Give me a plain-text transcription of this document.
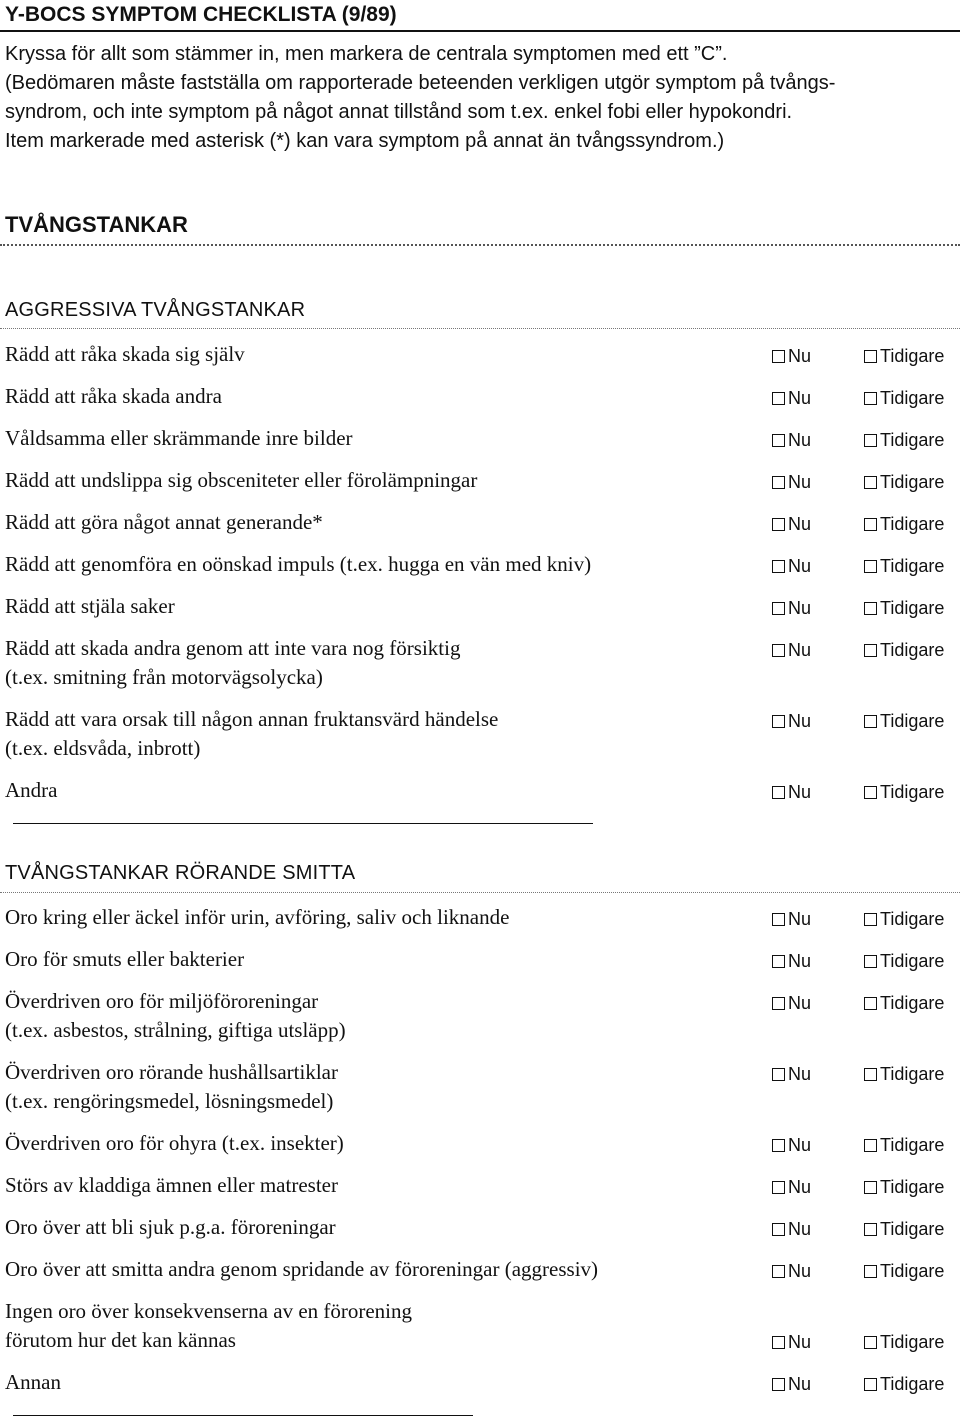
Y-BOCS SYMPTOM CHECKLISTA (9/89)
Kryssa för allt som stämmer in, men markera de centrala symptomen med ett ”C”.
(Bedömaren måste fastställa om rapporterade beteenden verkligen utgör symptom på tvångs-
syndrom, och inte symptom på något annat tillstånd som t.ex. enkel fobi eller hypokondri.
Item markerade med asterisk (*) kan vara symptom på annat än tvångssyndrom.)
TVÅNGSTANKAR
AGGRESSIVA TVÅNGSTANKAR
Rädd att råka skada sig själv	Nu	Tidigare
Rädd att råka skada andra	Nu	Tidigare
Våldsamma eller skrämmande inre bilder	Nu	Tidigare
Rädd att undslippa sig obsceniteter eller förolämpningar	Nu	Tidigare
Rädd att göra något annat generande*	Nu	Tidigare
Rädd att genomföra en oönskad impuls (t.ex. hugga en vän med kniv)	Nu	Tidigare
Rädd att stjäla saker	Nu	Tidigare
Rädd att skada andra genom att inte vara nog försiktig
(t.ex. smitning från motorvägsolycka)
Nu	Tidigare
Rädd att vara orsak till någon annan fruktansvärd händelse
(t.ex. eldsvåda, inbrott)
Nu	Tidigare
Andra	Nu	Tidigare
TVÅNGSTANKAR RÖRANDE SMITTA
Oro kring eller äckel inför urin, avföring, saliv och liknande	Nu	Tidigare
Oro för smuts eller bakterier	Nu	Tidigare
Överdriven oro för miljöföroreningar
(t.ex. asbestos, strålning, giftiga utsläpp)
Nu	Tidigare
Överdriven oro rörande hushållsartiklar
(t.ex. rengöringsmedel, lösningsmedel)
Nu	Tidigare
Överdriven oro för ohyra (t.ex. insekter)	Nu	Tidigare
Störs av kladdiga ämnen eller matrester	Nu	Tidigare
Oro över att bli sjuk p.g.a. föroreningar	Nu	Tidigare
Oro över att smitta andra genom spridande av föroreningar (aggressiv)	Nu	Tidigare
Ingen oro över konsekvenserna av en förorening
förutom hur det kan kännas	Nu	Tidigare
Annan	Nu	Tidigare
